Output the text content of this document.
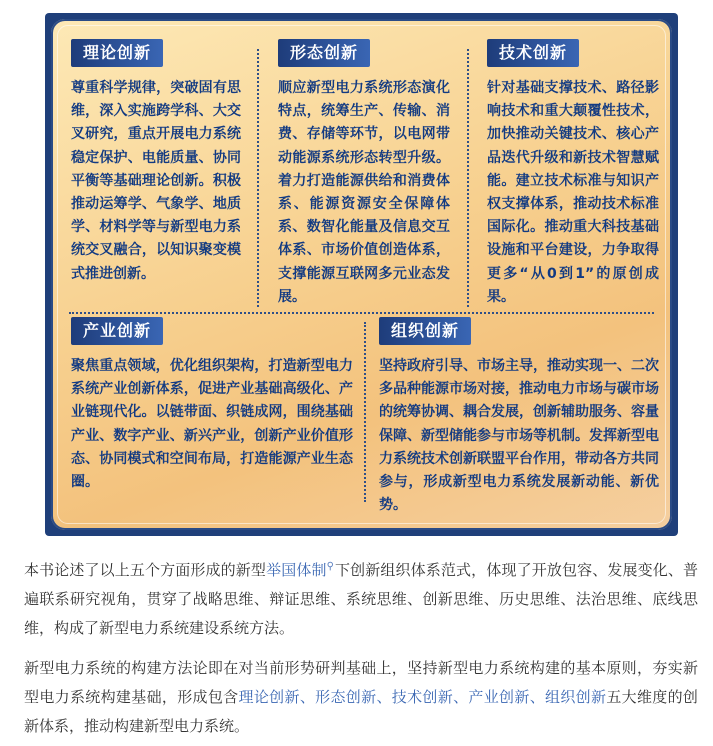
理论创新
尊重科学规律，突破固有思维，深入实施跨学科、大交叉研究，重点开展电力系统稳定保护、电能质量、协同平衡等基础理论创新。积极推动运筹学、气象学、地质学、材料学等与新型电力系统交叉融合，以知识聚变模式推进创新。
形态创新
顺应新型电力系统形态演化特点，统筹生产、传输、消费、存储等环节，以电网带动能源系统形态转型升级。着力打造能源供给和消费体系、能源资源安全保障体系、数智化能量及信息交互体系、市场价值创造体系，支撑能源互联网多元业态发展。
技术创新
针对基础支撑技术、路径影响技术和重大颠覆性技术，加快推动关键技术、核心产品迭代升级和新技术智慧赋能。建立技术标准与知识产权支撑体系，推动技术标准国际化。推动重大科技基础设施和平台建设，力争取得更多“从0到1”的原创成果。
产业创新
聚焦重点领域，优化组织架构，打造新型电力系统产业创新体系，促进产业基础高级化、产业链现代化。以链带面、织链成网，围绕基础产业、数字产业、新兴产业，创新产业价值形态、协同模式和空间布局，打造能源产业生态圈。
组织创新
坚持政府引导、市场主导，推动实现一、二次多品种能源市场对接，推动电力市场与碳市场的统筹协调、耦合发展，创新辅助服务、容量保障、新型储能参与市场等机制。发挥新型电力系统技术创新联盟平台作用，带动各方共同参与，形成新型电力系统发展新动能、新优势。

本书论述了以上五个方面形成的新型举国体制⚲下创新组织体系范式，体现了开放包容、发展变化、普遍联系研究视角，贯穿了战略思维、辩证思维、系统思维、创新思维、历史思维、法治思维、底线思维，构成了新型电力系统建设系统方法。

新型电力系统的构建方法论即在对当前形势研判基础上，坚持新型电力系统构建的基本原则，夯实新型电力系统构建基础，形成包含理论创新、形态创新、技术创新、产业创新、组织创新五大维度的创新体系，推动构建新型电力系统。
